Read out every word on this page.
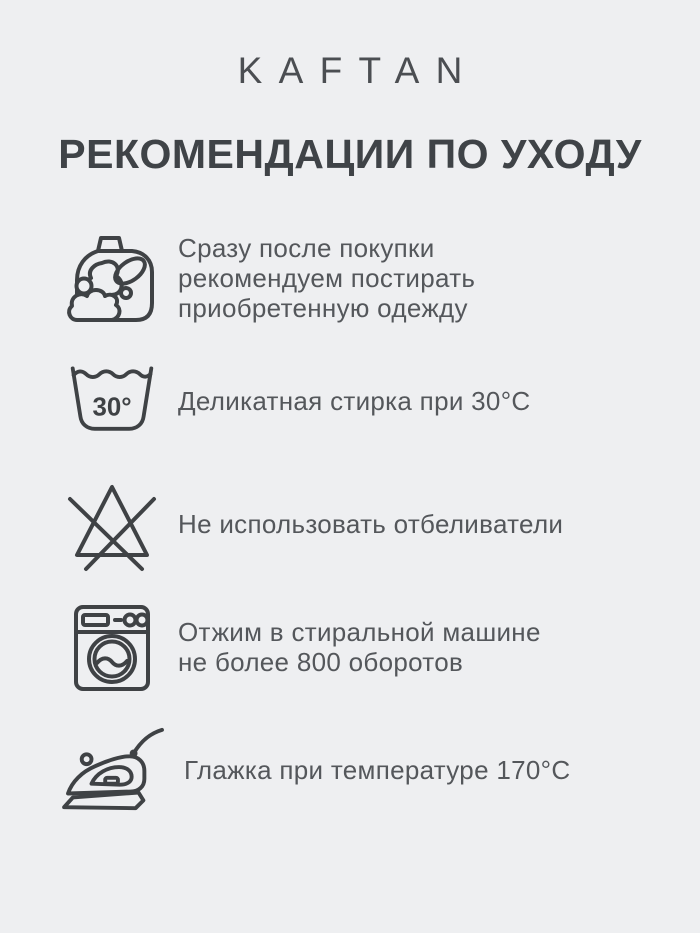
KAFTAN
РЕКОМЕНДАЦИИ ПО УХОДУ
Сразу после покупки
рекомендуем постирать
приобретенную одежду
30° Деликатная стирка при 30°C
Не использовать отбеливатели
Отжим в стиральной машине
не более 800 оборотов
Глажка при температуре 170°C
